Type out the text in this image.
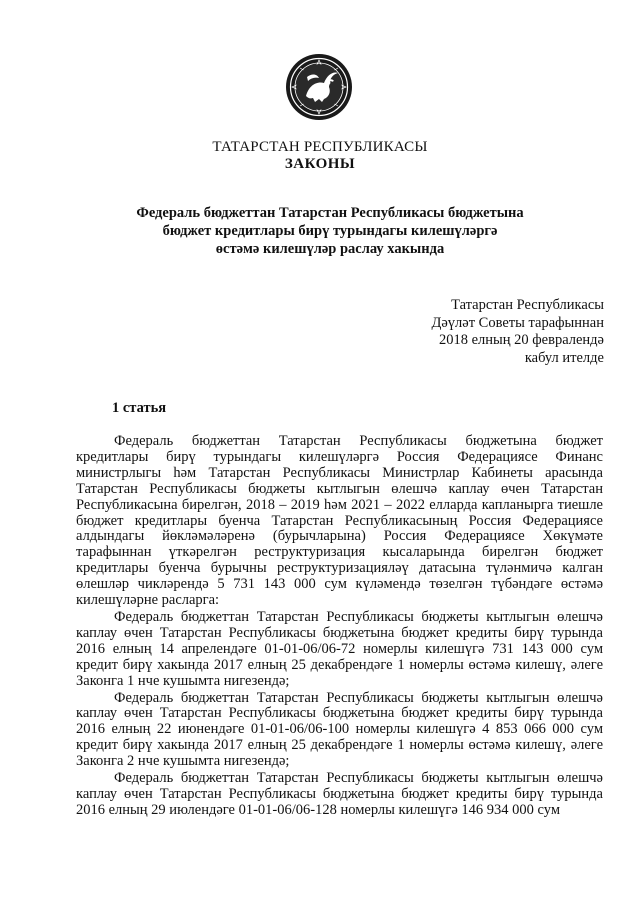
ТАТАРСТАН РЕСПУБЛИКАСЫ
ЗАКОНЫ
Федераль бюджеттан Татарстан Республикасы бюджетына
бюджет кредитлары бирү турындагы килешүләргә
өстәмә килешүләр раслау хакында
Татарстан Республикасы
Дәүләт Советы тарафыннан
2018 елның 20 февралендә
кабул ителде
1 статья

Федераль бюджеттан Татарстан Республикасы бюджетына бюджет кредитлары бирү турындагы килешүләргә Россия Федерациясе Финанс министрлыгы һәм Татарстан Республикасы Министрлар Кабинеты арасында Татарстан Республикасы бюджеты кытлыгын өлешчә каплау өчен Татарстан Республикасына бирелгән, 2018 – 2019 һәм 2021 – 2022 елларда капланырга тиешле бюджет кредитлары буенча Татарстан Республикасының Россия Федерациясе алдындагы йөкләмәләренә (бурычларына) Россия Федерациясе Хөкүмәте тарафыннан үткәрелгән реструктуризация кысаларында бирелгән бюджет кредитлары буенча бурычны реструктуризацияләү датасына түләнмичә калган өлешләр чикләрендә 5 731 143 000 сум күләмендә төзелгән түбәндәге өстәмә килешүләрне расларга:

Федераль бюджеттан Татарстан Республикасы бюджеты кытлыгын өлешчә каплау өчен Татарстан Республикасы бюджетына бюджет кредиты бирү турында 2016 елның 14 апрелендәге 01-01-06/06-72 номерлы килешүгә 731 143 000 сум кредит бирү хакында 2017 елның 25 декабрендәге 1 номерлы өстәмә килешү, әлеге Законга 1 нче кушымта нигезендә;

Федераль бюджеттан Татарстан Республикасы бюджеты кытлыгын өлешчә каплау өчен Татарстан Республикасы бюджетына бюджет кредиты бирү турында 2016 елның 22 июнендәге 01-01-06/06-100 номерлы килешүгә 4 853 066 000 сум кредит бирү хакында 2017 елның 25 декабрендәге 1 номерлы өстәмә килешү, әлеге Законга 2 нче кушымта нигезендә;

Федераль бюджеттан Татарстан Республикасы бюджеты кытлыгын өлешчә каплау өчен Татарстан Республикасы бюджетына бюджет кредиты бирү турында 2016 елның 29 июлендәге 01-01-06/06-128 номерлы килешүгә 146 934 000 сум
